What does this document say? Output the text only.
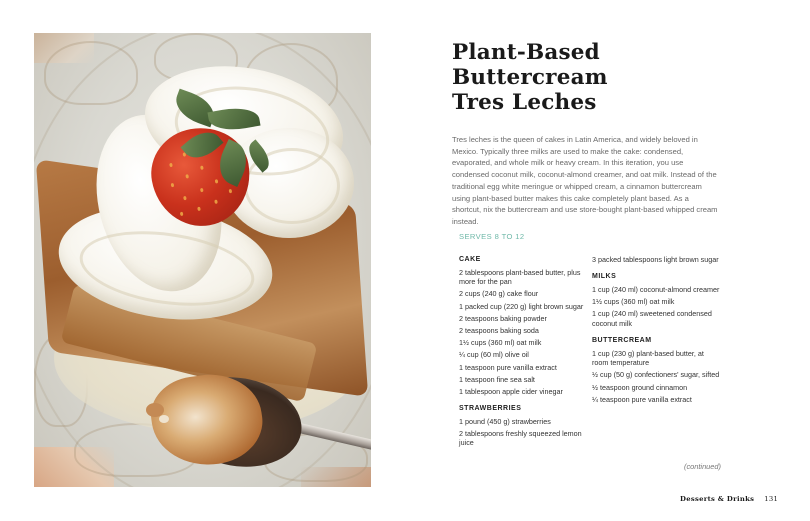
Plant-Based
Buttercream
Tres Leches

Tres leches is the queen of cakes in Latin America, and widely beloved in Mexico. Typically three milks are used to make the cake: condensed, evaporated, and whole milk or heavy cream. In this iteration, you use condensed coconut milk, coconut-almond creamer, and oat milk. Instead of the traditional egg white meringue or whipped cream, a cinnamon buttercream using plant-based butter makes this cake completely plant based. As a shortcut, nix the buttercream and use store-bought plant-based whipped cream instead.

SERVES 8 TO 12
CAKE
2 tablespoons plant-based butter, plus more for the pan
2 cups (240 g) cake flour
1 packed cup (220 g) light brown sugar
2 teaspoons baking powder
2 teaspoons baking soda
1½ cups (360 ml) oat milk
¼ cup (60 ml) olive oil
1 teaspoon pure vanilla extract
1 teaspoon fine sea salt
1 tablespoon apple cider vinegar
STRAWBERRIES
1 pound (450 g) strawberries
2 tablespoons freshly squeezed lemon juice
3 packed tablespoons light brown sugar
MILKS
1 cup (240 ml) coconut-almond creamer
1½ cups (360 ml) oat milk
1 cup (240 ml) sweetened condensed coconut milk
BUTTERCREAM
1 cup (230 g) plant-based butter, at room temperature
½ cup (50 g) confectioners' sugar, sifted
½ teaspoon ground cinnamon
¼ teaspoon pure vanilla extract
(continued)
Desserts & Drinks 131
